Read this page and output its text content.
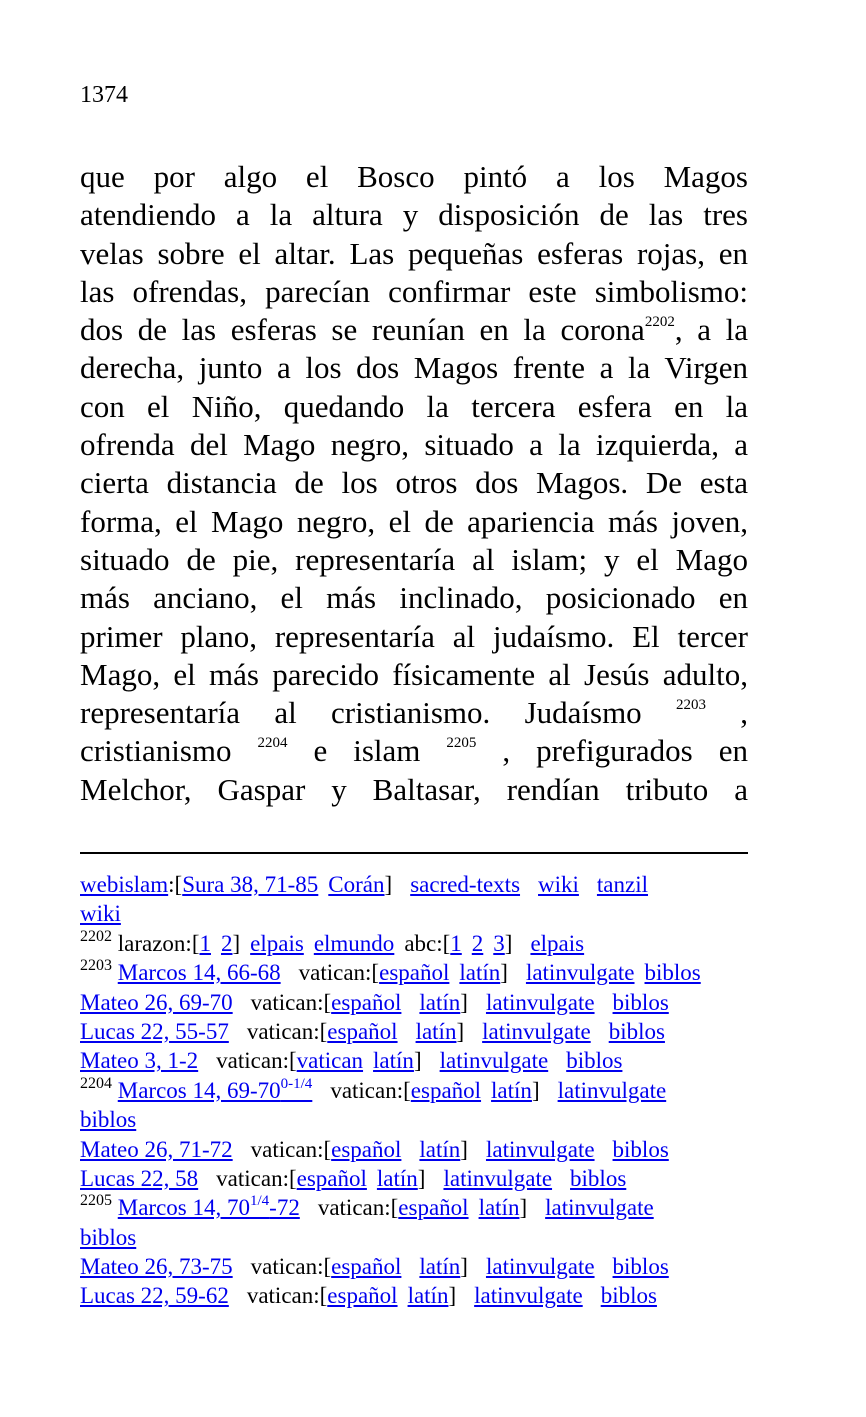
1374
que por algo el Bosco pintó a los Magos
atendiendo a la altura y disposición de las tres
velas sobre el altar. Las pequeñas esferas rojas, en
las ofrendas, parecían confirmar este simbolismo:
dos de las esferas se reunían en la corona$^{2202}$, a la
derecha, junto a los dos Magos frente a la Virgen
con el Niño, quedando la tercera esfera en la
ofrenda del Mago negro, situado a la izquierda, a
cierta distancia de los otros dos Magos. De esta
forma, el Mago negro, el de apariencia más joven,
situado de pie, representaría al islam; y el Mago
más anciano, el más inclinado, posicionado en
primer plano, representaría al judaísmo. El tercer
Mago, el más parecido físicamente al Jesús adulto,
representaría al cristianismo. Judaísmo $^{2203}$ ,
cristianismo $^{2204}$ e islam $^{2205}$ , prefigurados en
Melchor, Gaspar y Baltasar, rendían tributo a
webislam:[Sura 38, 71-85 Corán] sacred-texts wiki tanzil
wiki
$^{2202}$ larazon:[1 2] elpais elmundo abc:[1 2 3] elpais
$^{2203}$ Marcos 14, 66-68 vatican:[español latín] latinvulgate biblos
Mateo 26, 69-70 vatican:[español latín] latinvulgate biblos
Lucas 22, 55-57 vatican:[español latín] latinvulgate biblos
Mateo 3, 1-2 vatican:[vatican latín] latinvulgate biblos
$^{2204}$ Marcos 14, 69-70$^{0-1/4}$ vatican:[español latín] latinvulgate
biblos
Mateo 26, 71-72 vatican:[español latín] latinvulgate biblos
Lucas 22, 58 vatican:[español latín] latinvulgate biblos
$^{2205}$ Marcos 14, 70$^{1/4}$-72 vatican:[español latín] latinvulgate
biblos
Mateo 26, 73-75 vatican:[español latín] latinvulgate biblos
Lucas 22, 59-62 vatican:[español latín] latinvulgate biblos
